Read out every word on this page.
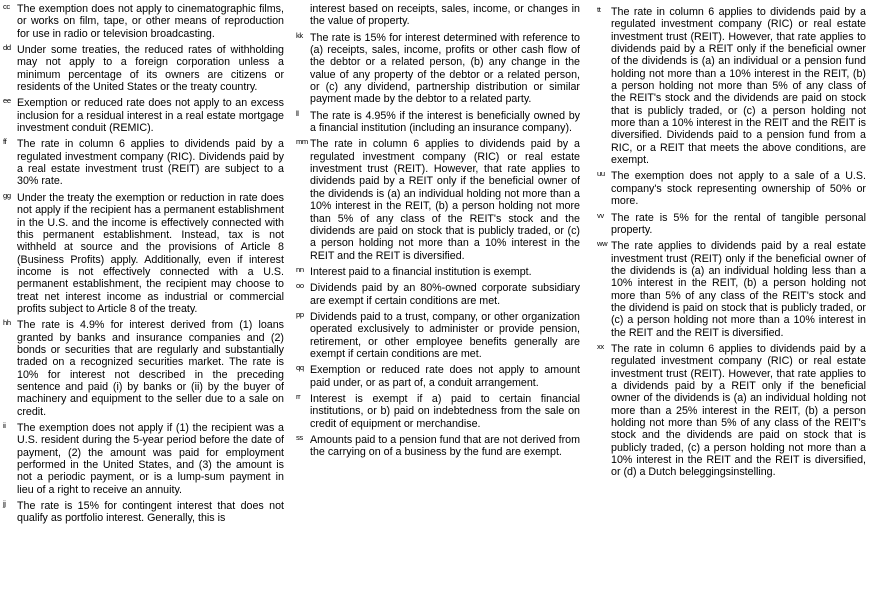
cc The exemption does not apply to cinematographic films, or works on film, tape, or other means of reproduction for use in radio or television broadcasting.
dd Under some treaties, the reduced rates of withholding may not apply to a foreign corporation unless a minimum percentage of its owners are citizens or residents of the United States or the treaty country.
ee Exemption or reduced rate does not apply to an excess inclusion for a residual interest in a real estate mortgage investment conduit (REMIC).
ff The rate in column 6 applies to dividends paid by a regulated investment company (RIC). Dividends paid by a real estate investment trust (REIT) are subject to a 30% rate.
gg Under the treaty the exemption or reduction in rate does not apply if the recipient has a permanent establishment in the U.S. and the income is effectively connected with this permanent establishment. Instead, tax is not withheld at source and the provisions of Article 8 (Business Profits) apply. Additionally, even if interest income is not effectively connected with a U.S. permanent establishment, the recipient may choose to treat net interest income as industrial or commercial profits subject to Article 8 of the treaty.
hh The rate is 4.9% for interest derived from (1) loans granted by banks and insurance companies and (2) bonds or securities that are regularly and substantially traded on a recognized securities market. The rate is 10% for interest not described in the preceding sentence and paid (i) by banks or (ii) by the buyer of machinery and equipment to the seller due to a sale on credit.
ii The exemption does not apply if (1) the recipient was a U.S. resident during the 5-year period before the date of payment, (2) the amount was paid for employment performed in the United States, and (3) the amount is not a periodic payment, or is a lump-sum payment in lieu of a right to receive an annuity.
jj The rate is 15% for contingent interest that does not qualify as portfolio interest. Generally, this is
interest based on receipts, sales, income, or changes in the value of property.
kk The rate is 15% for interest determined with reference to (a) receipts, sales, income, profits or other cash flow of the debtor or a related person, (b) any change in the value of any property of the debtor or a related person, or (c) any dividend, partnership distribution or similar payment made by the debtor to a related party.
ll The rate is 4.95% if the interest is beneficially owned by a financial institution (including an insurance company).
mm The rate in column 6 applies to dividends paid by a regulated investment company (RIC) or real estate investment trust (REIT). However, that rate applies to dividends paid by a REIT only if the beneficial owner of the dividends is (a) an individual holding not more than a 10% interest in the REIT, (b) a person holding not more than 5% of any class of the REIT's stock and the dividends are paid on stock that is publicly traded, or (c) a person holding not more than a 10% interest in the REIT and the REIT is diversified.
nn Interest paid to a financial institution is exempt.
oo Dividends paid by an 80%-owned corporate subsidiary are exempt if certain conditions are met.
pp Dividends paid to a trust, company, or other organization operated exclusively to administer or provide pension, retirement, or other employee benefits generally are exempt if certain conditions are met.
qq Exemption or reduced rate does not apply to amount paid under, or as part of, a conduit arrangement.
rr Interest is exempt if a) paid to certain financial institutions, or b) paid on indebtedness from the sale on credit of equipment or merchandise.
ss Amounts paid to a pension fund that are not derived from the carrying on of a business by the fund are exempt.
tt The rate in column 6 applies to dividends paid by a regulated investment company (RIC) or real estate investment trust (REIT). However, that rate applies to dividends paid by a REIT only if the beneficial owner of the dividends is (a) an individual or a pension fund holding not more than a 10% interest in the REIT, (b) a person holding not more than 5% of any class of the REIT's stock and the dividends are paid on stock that is publicly traded, or (c) a person holding not more than a 10% interest in the REIT and the REIT is diversified. Dividends paid to a pension fund from a RIC, or a REIT that meets the above conditions, are exempt.
uu The exemption does not apply to a sale of a U.S. company's stock representing ownership of 50% or more.
vv The rate is 5% for the rental of tangible personal property.
ww The rate applies to dividends paid by a real estate investment trust (REIT) only if the beneficial owner of the dividends is (a) an individual holding less than a 10% interest in the REIT, (b) a person holding not more than 5% of any class of the REIT's stock and the dividend is paid on stock that is publicly traded, or (c) a person holding not more than a 10% interest in the REIT and the REIT is diversified.
xx The rate in column 6 applies to dividends paid by a regulated investment company (RIC) or real estate investment trust (REIT). However, that rate applies to a dividends paid by a REIT only if the beneficial owner of the dividends is (a) an individual holding not more than a 25% interest in the REIT, (b) a person holding not more than 5% of any class of the REIT's stock and the dividends are paid on stock that is publicly traded, (c) a person holding not more than a 10% interest in the REIT and the REIT is diversified, or (d) a Dutch beleggingsinstelling.
